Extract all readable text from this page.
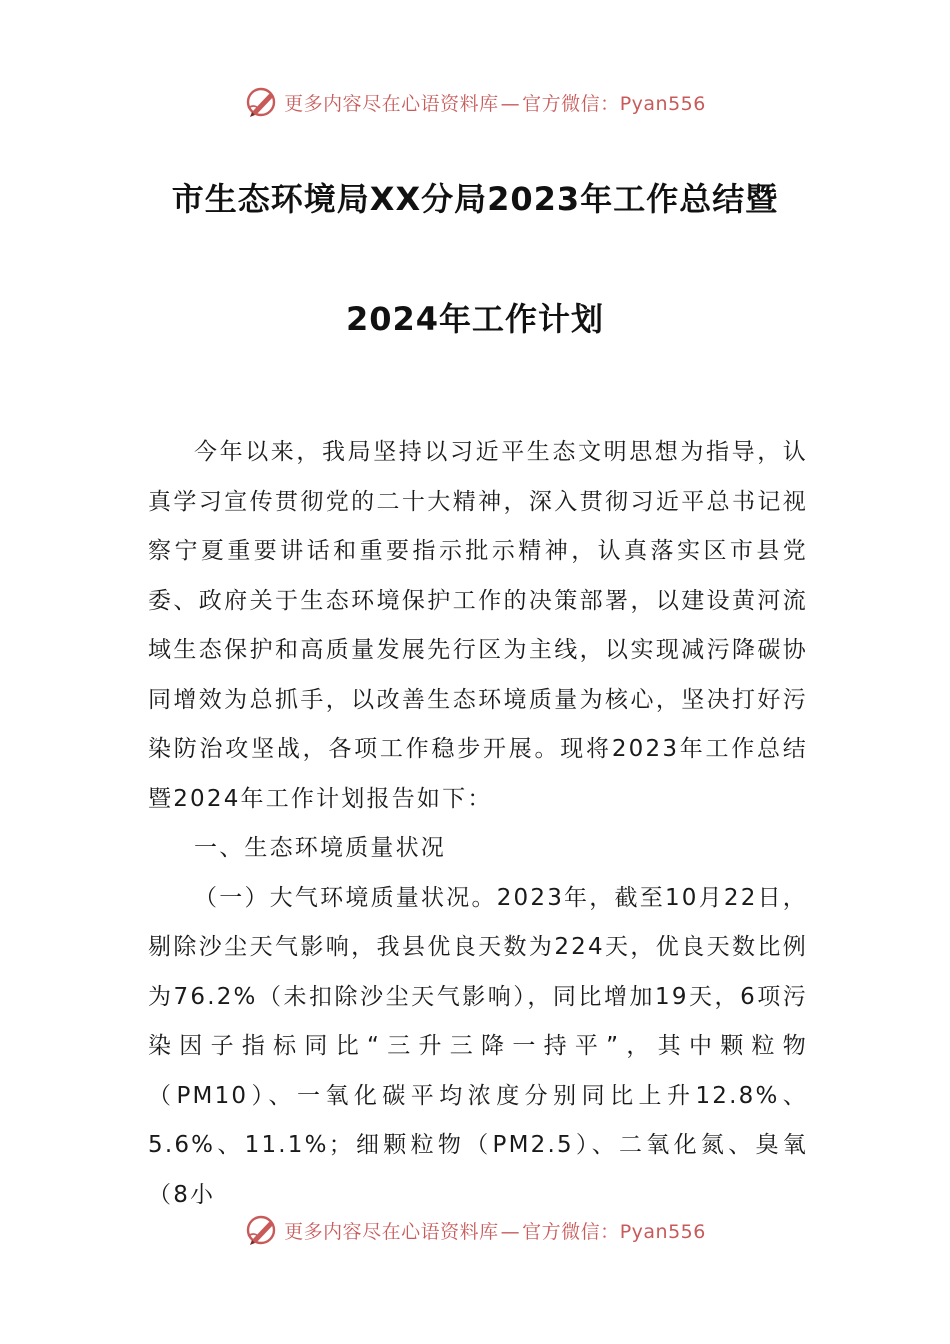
更多内容尽在心语资料库 — 官方微信：Pyan556
市生态环境局XX分局2023年工作总结暨
2024年工作计划

今年以来，我局坚持以习近平生态文明思想为指导，认真学习宣传贯彻党的二十大精神，深入贯彻习近平总书记视察宁夏重要讲话和重要指示批示精神，认真落实区市县党委、政府关于生态环境保护工作的决策部署，以建设黄河流域生态保护和高质量发展先行区为主线，以实现减污降碳协同增效为总抓手，以改善生态环境质量为核心，坚决打好污染防治攻坚战，各项工作稳步开展。现将2023年工作总结暨2024年工作计划报告如下：

一、生态环境质量状况

（一）大气环境质量状况。2023年，截至10月22日，剔除沙尘天气影响，我县优良天数为224天，优良天数比例为76.2%（未扣除沙尘天气影响），同比增加19天，6项污染因子指标同比“三升三降一持平”，其中颗粒物（PM10）、一氧化碳平均浓度分别同比上升12.8%、5.6%、11.1%；细颗粒物（PM2.5）、二氧化氮、臭氧（8小

更多内容尽在心语资料库 — 官方微信：Pyan556
